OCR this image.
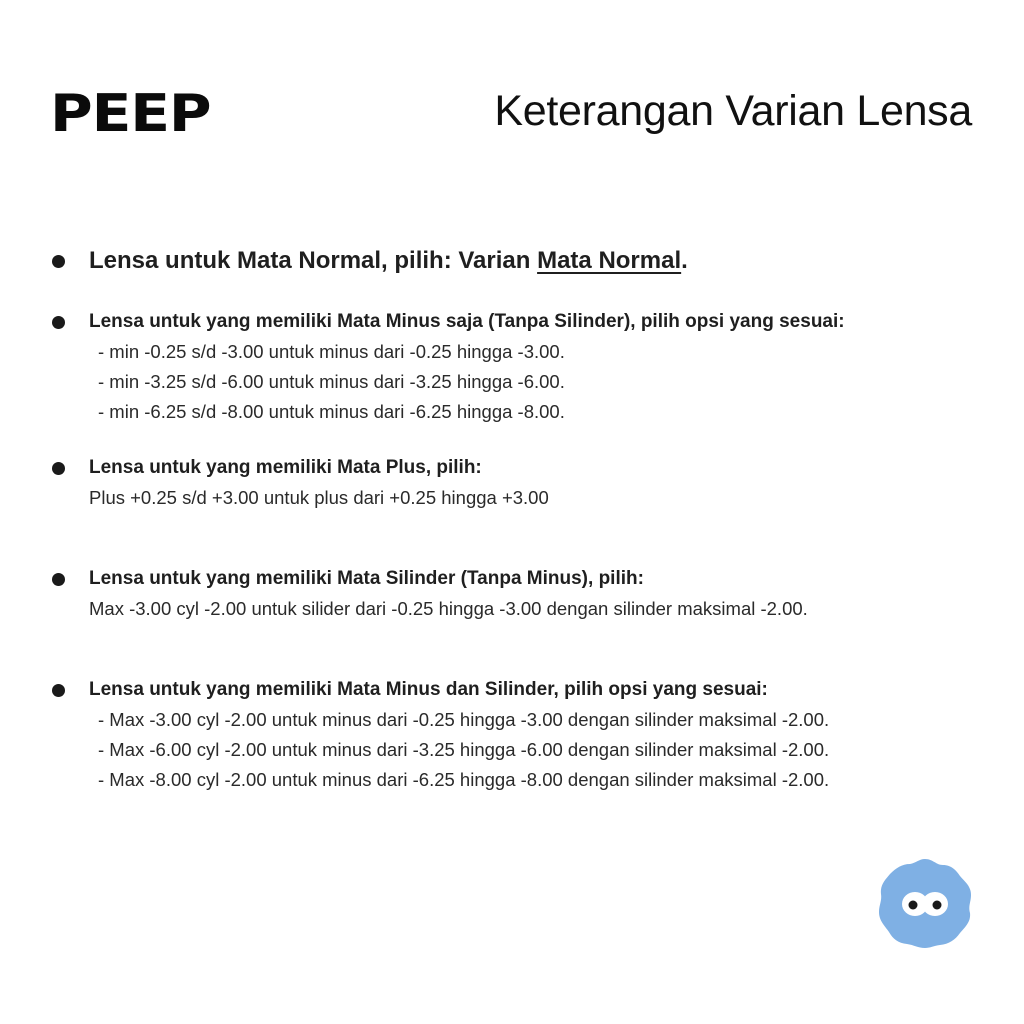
PEEP	Keterangan Varian Lensa
Lensa untuk Mata Normal, pilih: Varian Mata Normal.
Lensa untuk yang memiliki Mata Minus saja (Tanpa Silinder), pilih opsi yang sesuai:
- min -0.25 s/d -3.00 untuk minus dari -0.25 hingga -3.00.
- min -3.25 s/d -6.00 untuk minus dari -3.25 hingga -6.00.
- min -6.25 s/d -8.00 untuk minus dari -6.25 hingga -8.00.
Lensa untuk yang memiliki Mata Plus, pilih:
Plus +0.25 s/d +3.00 untuk plus dari +0.25 hingga +3.00
Lensa untuk yang memiliki Mata Silinder (Tanpa Minus), pilih:
Max -3.00 cyl -2.00 untuk silider dari -0.25 hingga -3.00 dengan silinder maksimal -2.00.
Lensa untuk yang memiliki Mata Minus dan Silinder, pilih opsi yang sesuai:
- Max -3.00 cyl -2.00 untuk minus dari -0.25 hingga -3.00 dengan silinder maksimal -2.00.
- Max -6.00 cyl -2.00 untuk minus dari -3.25 hingga -6.00 dengan silinder maksimal -2.00.
- Max -8.00 cyl -2.00 untuk minus dari -6.25 hingga -8.00 dengan silinder maksimal -2.00.
